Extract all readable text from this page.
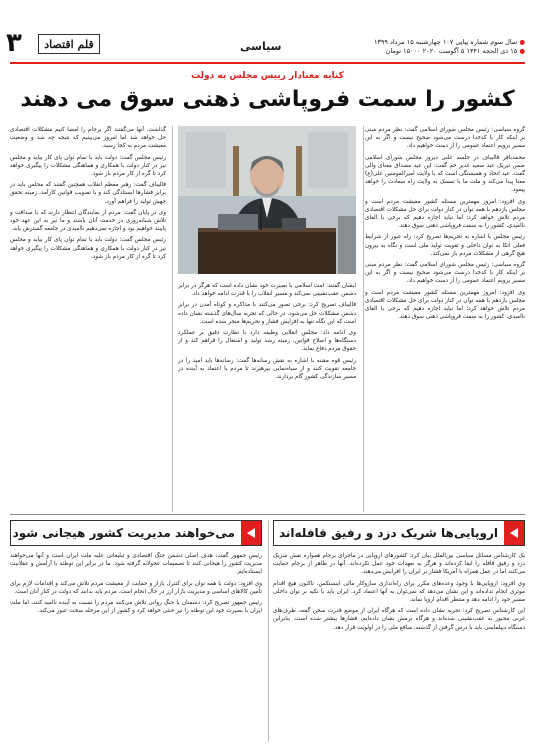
۳ قلم اقتصاد	سیاسی
●	سال سوم شماره پیاپی ۱۰۷ چهارشنبه ۱۵ مرداد ۱۳۹۹
● ۱۵ ذی الحجه ۱۴۴۱ ۵ آگوست ۲۰۲۰ ۱۵۰۰۰ تومان
کنایه معنادار رییس مجلس به دولت
کشور را سمت فروپاشی ذهنی سوق می دهند

گروه سیاسی: رئیس مجلس شورای اسلامی گفت: نظر مردم مبنی بر اینکه کار با کدخدا درست می‌شود صحیح نیست و اگر به این مسیر برویم اعتماد عمومی را از دست خواهیم داد.

محمدباقر قالیباف در جلسه علنی دیروز مجلس شورای اسلامی ضمن تبریک عید سعید غدیر خم گفت: این عید مصداق معنای والی گفت، عید اتحاد و همبستگی است که با ولایت امیرالمومنین علی(ع) معنا پیدا می‌کند و ملت ما با تمسک به ولایت راه سعادت را خواهد پیمود.

وی افزود: امروز مهمترین مسئله کشور معیشت مردم است و مجلس یازدهم با همه توان در کنار دولت برای حل مشکلات اقتصادی مردم تلاش خواهد کرد؛ اما نباید اجازه دهیم که برخی با القای ناامیدی، کشور را به سمت فروپاشی ذهنی سوق دهند.

رئیس مجلس با اشاره به تحریم‌ها تصریح کرد: راه عبور از شرایط فعلی اتکا به توان داخلی و تقویت تولید ملی است و نگاه به بیرون هیچ گرهی از مشکلات مردم باز نمی‌کند.

گروه سیاسی: رئیس مجلس شورای اسلامی گفت: نظر مردم مبنی بر اینکه کار با کدخدا درست می‌شود صحیح نیست و اگر به این مسیر برویم اعتماد عمومی را از دست خواهیم داد.

وی افزود: امروز مهمترین مسئله کشور معیشت مردم است و مجلس یازدهم با همه توان در کنار دولت برای حل مشکلات اقتصادی مردم تلاش خواهد کرد؛ اما نباید اجازه دهیم که برخی با القای ناامیدی، کشور را به سمت فروپاشی ذهنی سوق دهند.

ایشان گفتند: امت اسلامی با بصیرت خود نشان داده است که هرگز در برابر دشمن عقب‌نشینی نمی‌کند و مسیر انقلاب را با قدرت ادامه خواهد داد.

قالیباف تصریح کرد: برخی تصور می‌کنند با مذاکره و کوتاه آمدن در برابر دشمن مشکلات حل می‌شود، در حالی که تجربه سال‌های گذشته نشان داده است که این نگاه تنها به افزایش فشار و تحریم‌ها منجر شده است.

وی ادامه داد: مجلس انقلابی وظیفه دارد با نظارت دقیق بر عملکرد دستگاه‌ها و اصلاح قوانین، زمینه رشد تولید و اشتغال را فراهم کند و از حقوق مردم دفاع نماید.

رئیس قوه مقننه با اشاره به نقش رسانه‌ها گفت: رسانه‌ها باید امید را در جامعه تقویت کنند و از سیاه‌نمایی بپرهیزند تا مردم با اعتماد به آینده در مسیر سازندگی کشور گام بردارند.

گذاشت. آنها می‌گفتند اگر برجام را امضا کنیم مشکلات اقتصادی حل خواهد شد اما امروز می‌بینیم که نتیجه چه شد و وضعیت معیشت مردم به کجا رسید.

رئیس مجلس گفت: دولت باید با تمام توان پای کار بیاید و مجلس نیز در کنار دولت با همکاری و هماهنگی مشکلات را پیگیری خواهد کرد تا گره از کار مردم باز شود.

قالیباف گفت: رهبر معظم انقلاب همچنین گفتند که مجلس باید در برابر فشارها ایستادگی کند و با تصویب قوانین کارآمد، زمینه تحقق جهش تولید را فراهم آورد.

وی در پایان گفت: مردم از نمایندگان انتظار دارند که با صداقت و تلاش شبانه‌روزی در خدمت آنان باشند و ما نیز به این عهد خود پایبند خواهیم بود و اجازه نمی‌دهیم ناامیدی در جامعه گسترش یابد.

رئیس مجلس گفت: دولت باید با تمام توان پای کار بیاید و مجلس نیز در کنار دولت با همکاری و هماهنگی مشکلات را پیگیری خواهد کرد تا گره از کار مردم باز شود.

اروپایی‌ها شریک دزد و رفیق قافله‌اند

یک کارشناس مسائل سیاسی بین‌الملل بیان کرد: کشورهای اروپایی در ماجرای برجام همواره نقش شریک دزد و رفیق قافله را ایفا کرده‌اند و هرگز به تعهدات خود عمل نکرده‌اند. آنها در ظاهر از برجام حمایت می‌کنند اما در عمل همراه با آمریکا فشار بر ایران را افزایش می‌دهند.

وی افزود: اروپایی‌ها با وجود وعده‌های مکرر برای راه‌اندازی سازوکار مالی اینستکس، تاکنون هیچ اقدام موثری انجام نداده‌اند و این نشان می‌دهد که نمی‌توان به آنها اعتماد کرد. ایران باید با تکیه بر توان داخلی مسیر خود را ادامه دهد و منتظر اقدام اروپا نماند.

این کارشناس تصریح کرد: تجربه نشان داده است که هرگاه ایران از موضع قدرت سخن گفته، طرف‌های غربی مجبور به عقب‌نشینی شده‌اند و هرگاه نرمش نشان داده‌ایم، فشارها بیشتر شده است. بنابراین دستگاه دیپلماسی باید با درس گرفتن از گذشته، منافع ملی را در اولویت قرار دهد.

می‌خواهند مدیریت کشور هیجانی شود

رئیس جمهور گفت: هدف اصلی دشمن جنگ اقتصادی و تبلیغاتی علیه ملت ایران است و آنها می‌خواهند مدیریت کشور را هیجانی کنند تا تصمیمات عجولانه گرفته شود. ما در برابر این توطئه با آرامش و عقلانیت ایستاده‌ایم.

وی افزود: دولت با همه توان برای کنترل بازار و حمایت از معیشت مردم تلاش می‌کند و اقدامات لازم برای تأمین کالاهای اساسی و مدیریت بازار ارز در حال انجام است. مردم باید بدانند که دولت در کنار آنان است.

رئیس جمهور تصریح کرد: دشمنان با جنگ روانی تلاش می‌کنند مردم را نسبت به آینده ناامید کنند، اما ملت ایران با بصیرت خود این توطئه را نیز خنثی خواهد کرد و کشور از این مرحله سخت عبور می‌کند.
